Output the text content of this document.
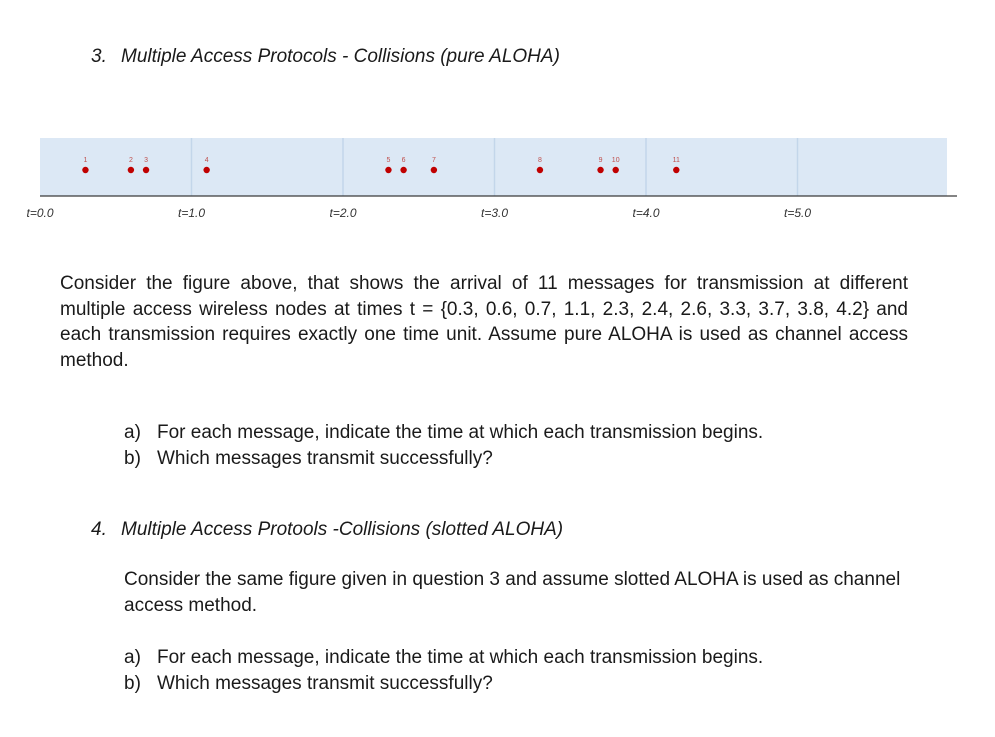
3. Multiple Access Protocols - Collisions (pure ALOHA)
t=0.0	t=1.0	t=2.0	t=3.0	t=4.0	t=5.0
1	2 3	4	5 6	7	8	9 10	11

Consider the figure above, that shows the arrival of 11 messages for transmission at different multiple access wireless nodes at times t = {0.3, 0.6, 0.7, 1.1, 2.3, 2.4, 2.6, 3.3, 3.7, 3.8, 4.2} and each transmission requires exactly one time unit. Assume pure ALOHA is used as channel access method.

a) For each message, indicate the time at which each transmission begins.
b) Which messages transmit successfully?
4. Multiple Access Protools -Collisions (slotted ALOHA)

Consider the same figure given in question 3 and assume slotted ALOHA is used as channel access method.

a) For each message, indicate the time at which each transmission begins.
b) Which messages transmit successfully?
